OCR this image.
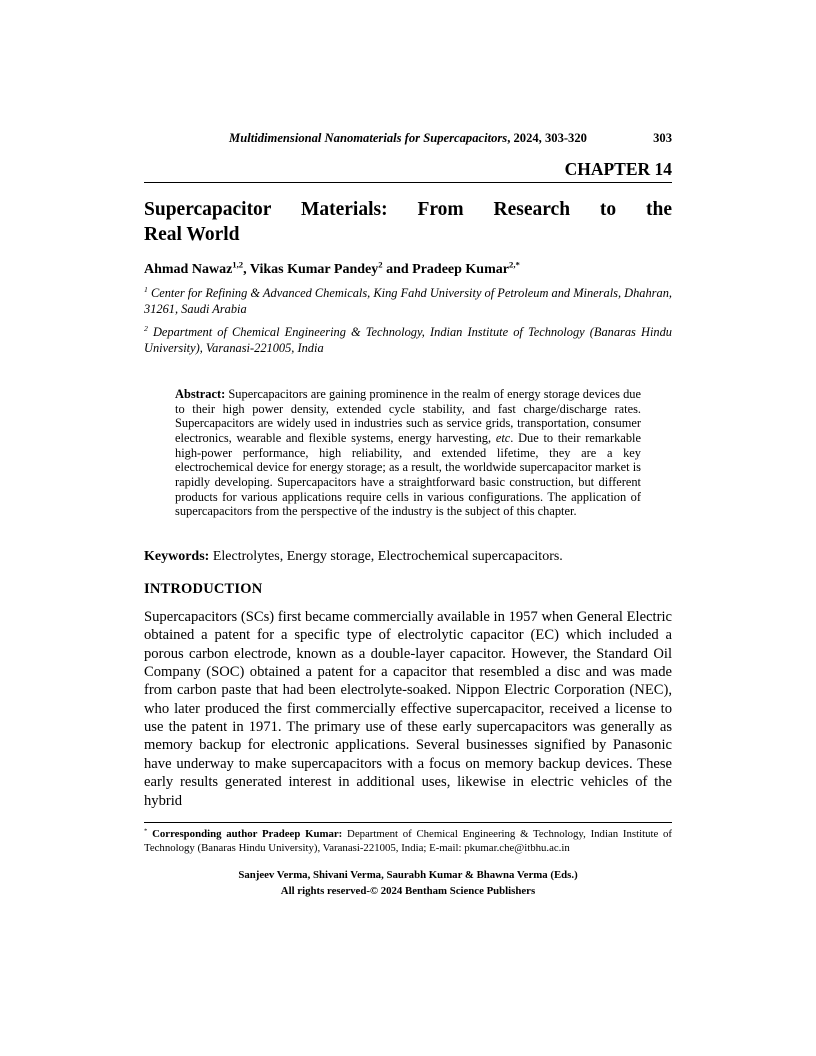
Multidimensional Nanomaterials for Supercapacitors, 2024, 303-320	303
CHAPTER 14
Supercapacitor Materials: From Research to the
Real World
Ahmad Nawaz$^{1,2}$, Vikas Kumar Pandey$^2$ and Pradeep Kumar$^{2,*}$

$^1$ Center for Refining & Advanced Chemicals, King Fahd University of Petroleum and Minerals, Dhahran, 31261, Saudi Arabia

$^2$ Department of Chemical Engineering & Technology, Indian Institute of Technology (Banaras Hindu University), Varanasi-221005, India

Abstract: Supercapacitors are gaining prominence in the realm of energy storage devices due to their high power density, extended cycle stability, and fast charge/discharge rates. Supercapacitors are widely used in industries such as service grids, transportation, consumer electronics, wearable and flexible systems, energy harvesting, etc. Due to their remarkable high-power performance, high reliability, and extended lifetime, they are a key electrochemical device for energy storage; as a result, the worldwide supercapacitor market is rapidly developing. Supercapacitors have a straightforward basic construction, but different products for various applications require cells in various configurations. The application of supercapacitors from the perspective of the industry is the subject of this chapter.

Keywords: Electrolytes, Energy storage, Electrochemical supercapacitors.

INTRODUCTION

Supercapacitors (SCs) first became commercially available in 1957 when General Electric obtained a patent for a specific type of electrolytic capacitor (EC) which included a porous carbon electrode, known as a double-layer capacitor. However, the Standard Oil Company (SOC) obtained a patent for a capacitor that resembled a disc and was made from carbon paste that had been electrolyte-soaked. Nippon Electric Corporation (NEC), who later produced the first commercially effective supercapacitor, received a license to use the patent in 1971. The primary use of these early supercapacitors was generally as memory backup for electronic applications. Several businesses signified by Panasonic have underway to make supercapacitors with a focus on memory backup devices. These early results generated interest in additional uses, likewise in electric vehicles of the hybrid

* Corresponding author Pradeep Kumar: Department of Chemical Engineering & Technology, Indian Institute of Technology (Banaras Hindu University), Varanasi-221005, India; E-mail: pkumar.che@itbhu.ac.in

Sanjeev Verma, Shivani Verma, Saurabh Kumar & Bhawna Verma (Eds.)
All rights reserved-© 2024 Bentham Science Publishers
